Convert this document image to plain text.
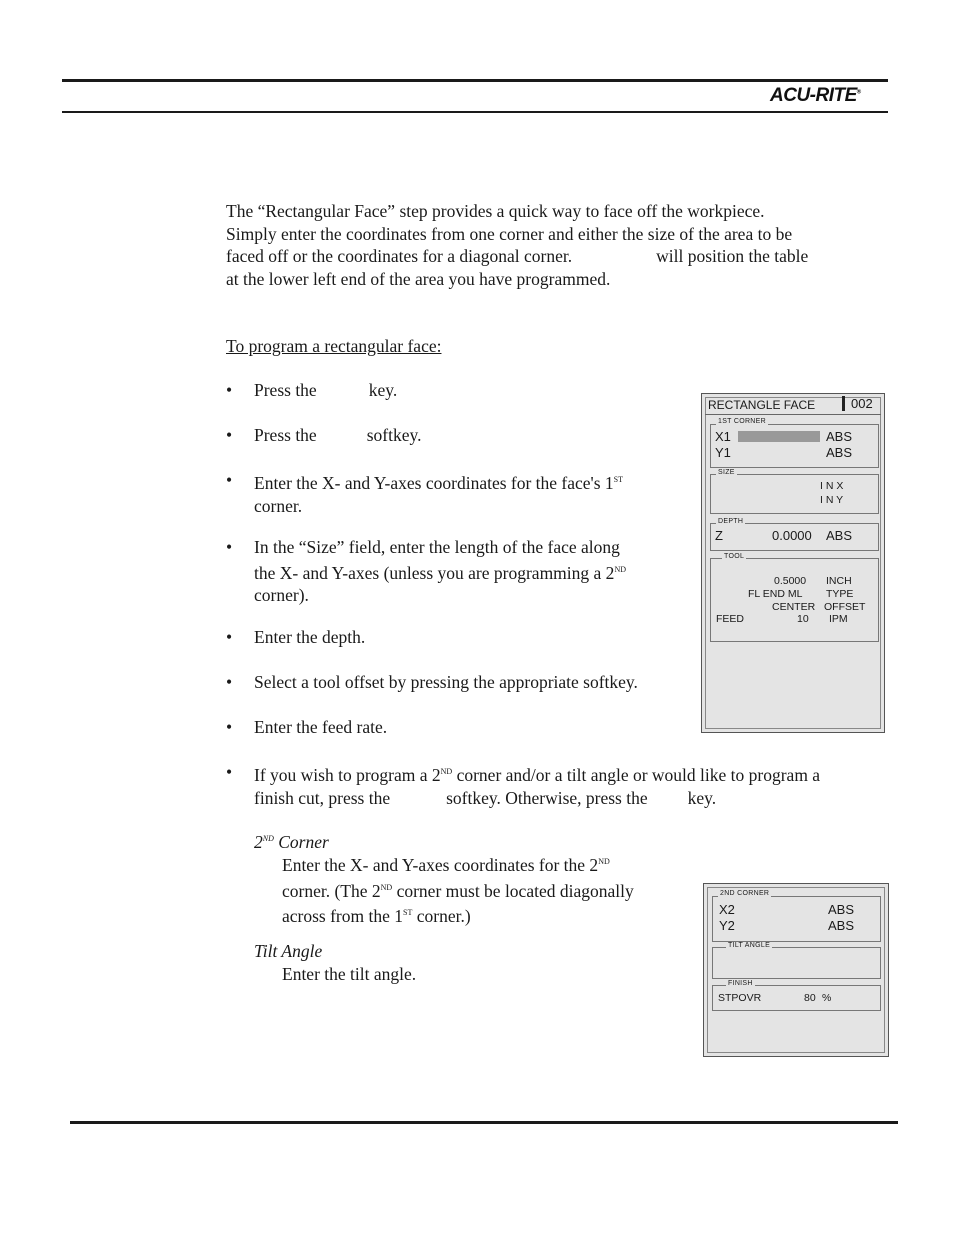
ACU-RITE®
The “Rectangular Face” step provides a quick way to face off the workpiece.
Simply enter the coordinates from one corner and either the size of the area to be
faced off or the coordinates for a diagonal corner.	will position the table
at the lower left end of the area you have programmed.
To program a rectangular face:
• Press the	key.
• Press the	softkey.
• Enter the X- and Y-axes coordinates for the face's 1ST
corner.
• In the “Size” field, enter the length of the face along
the X- and Y-axes (unless you are programming a 2ND
corner).
• Enter the depth.
• Select a tool offset by pressing the appropriate softkey.
• Enter the feed rate.
• If you wish to program a 2ND corner and/or a tilt angle or would like to program a
finish cut, press the	softkey. Otherwise, press the key.
2ND Corner
Enter the X- and Y-axes coordinates for the 2ND
corner. (The 2ND corner must be located diagonally
across from the 1ST corner.)
Tilt Angle
Enter the tilt angle.
RECTANGLE FACE	002
1ST CORNER
X1	ABS
Y1	ABS
SIZE
I N X
I N Y
DEPTH
Z	0.0000 ABS
TOOL
0.5000 INCH
FL END ML TYPE
CENTER OFFSET
FEED	10 IPM
2ND CORNER
X2	ABS
Y2	ABS
TILT ANGLE
FINISH
STPOVR	80 %
